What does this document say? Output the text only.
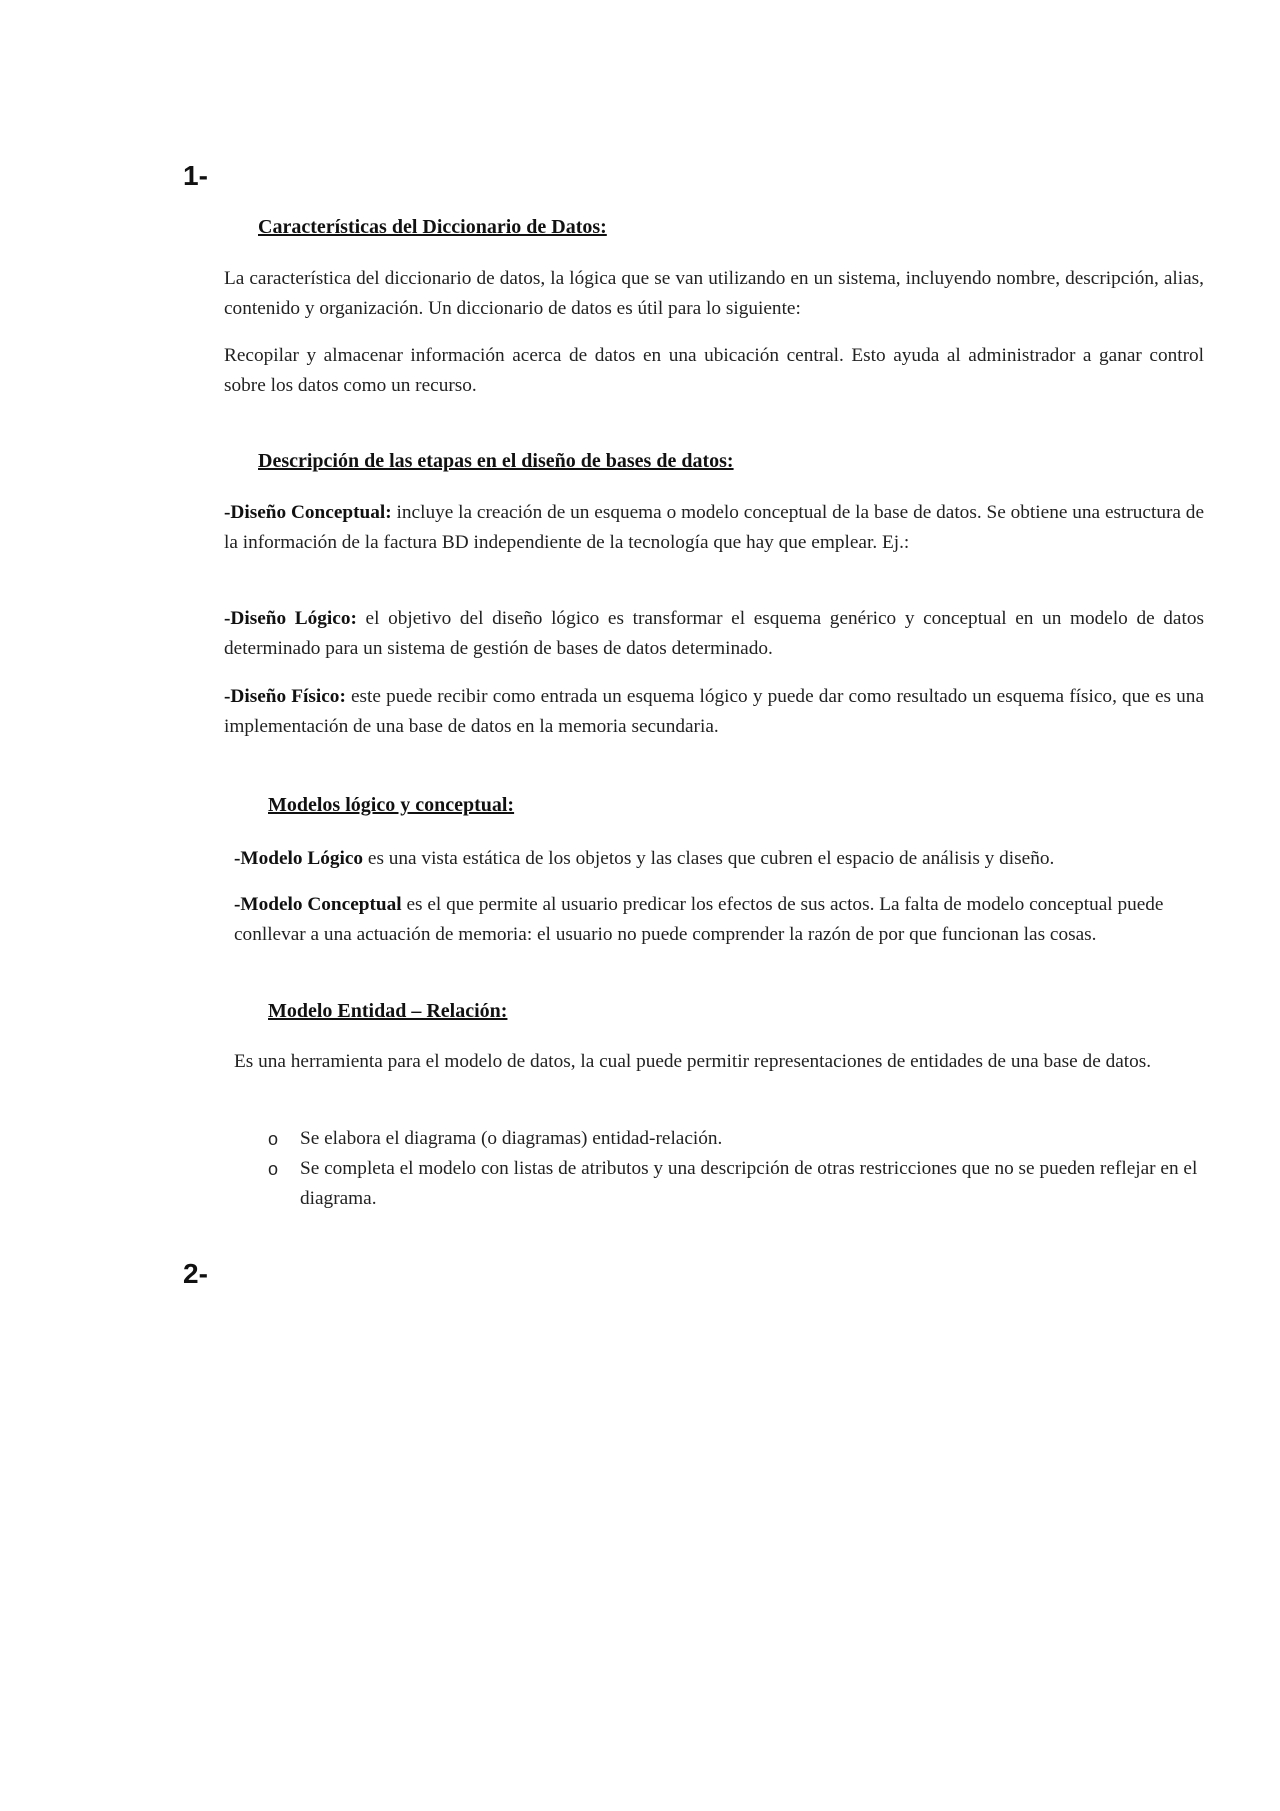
1-
Características del Diccionario de Datos:

La característica del diccionario de datos, la lógica que se van utilizando en un sistema, incluyendo nombre, descripción, alias, contenido y organización. Un diccionario de datos es útil para lo siguiente:

Recopilar y almacenar información acerca de datos en una ubicación central. Esto ayuda al administrador a ganar control sobre los datos como un recurso.

Descripción de las etapas en el diseño de bases de datos:

-Diseño Conceptual: incluye la creación de un esquema o modelo conceptual de la base de datos. Se obtiene una estructura de la información de la factura BD independiente de la tecnología que hay que emplear. Ej.:

-Diseño Lógico: el objetivo del diseño lógico es transformar el esquema genérico y conceptual en un modelo de datos determinado para un sistema de gestión de bases de datos determinado.

-Diseño Físico: este puede recibir como entrada un esquema lógico y puede dar como resultado un esquema físico, que es una implementación de una base de datos en la memoria secundaria.

Modelos lógico y conceptual:

-Modelo Lógico es una vista estática de los objetos y las clases que cubren el espacio de análisis y diseño.

-Modelo Conceptual es el que permite al usuario predicar los efectos de sus actos. La falta de modelo conceptual puede conllevar a una actuación de memoria: el usuario no puede comprender la razón de por que funcionan las cosas.

Modelo Entidad – Relación:

Es una herramienta para el modelo de datos, la cual puede permitir representaciones de entidades de una base de datos.

o Se elabora el diagrama (o diagramas) entidad-relación.
o Se completa el modelo con listas de atributos y una descripción de otras restricciones que no se pueden reflejar en el diagrama.
2-
